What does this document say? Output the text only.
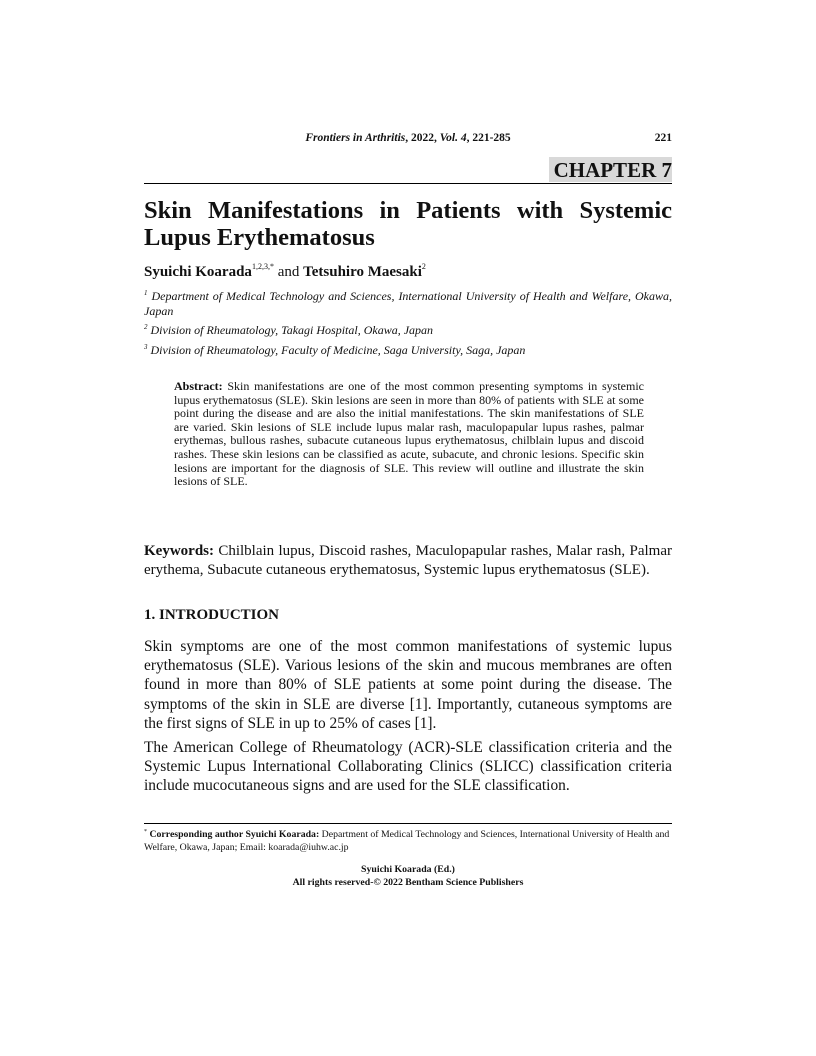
Frontiers in Arthritis, 2022, Vol. 4, 221-285	221
CHAPTER 7
Skin Manifestations in Patients with Systemic Lupus Erythematosus
Syuichi Koarada$^{1,2,3,*}$ and Tetsuhiro Maesaki$^2$
$^1$ Department of Medical Technology and Sciences, International University of Health and Welfare, Okawa, Japan
$^2$ Division of Rheumatology, Takagi Hospital, Okawa, Japan
$^3$ Division of Rheumatology, Faculty of Medicine, Saga University, Saga, Japan
Abstract: Skin manifestations are one of the most common presenting symptoms in systemic lupus erythematosus (SLE). Skin lesions are seen in more than 80% of patients with SLE at some point during the disease and are also the initial manifestations. The skin manifestations of SLE are varied. Skin lesions of SLE include lupus malar rash, maculopapular lupus rashes, palmar erythemas, bullous rashes, subacute cutaneous lupus erythematosus, chilblain lupus and discoid rashes. These skin lesions can be classified as acute, subacute, and chronic lesions. Specific skin lesions are important for the diagnosis of SLE. This review will outline and illustrate the skin lesions of SLE.
Keywords: Chilblain lupus, Discoid rashes, Maculopapular rashes, Malar rash, Palmar erythema, Subacute cutaneous erythematosus, Systemic lupus erythematosus (SLE).
1. INTRODUCTION
Skin symptoms are one of the most common manifestations of systemic lupus erythematosus (SLE). Various lesions of the skin and mucous membranes are often found in more than 80% of SLE patients at some point during the disease. The symptoms of the skin in SLE are diverse [1]. Importantly, cutaneous symptoms are the first signs of SLE in up to 25% of cases [1].
The American College of Rheumatology (ACR)-SLE classification criteria and the Systemic Lupus International Collaborating Clinics (SLICC) classification criteria include mucocutaneous signs and are used for the SLE classification.
* Corresponding author Syuichi Koarada: Department of Medical Technology and Sciences, International University of Health and Welfare, Okawa, Japan; Email: koarada@iuhw.ac.jp
Syuichi Koarada (Ed.)
All rights reserved-© 2022 Bentham Science Publishers
